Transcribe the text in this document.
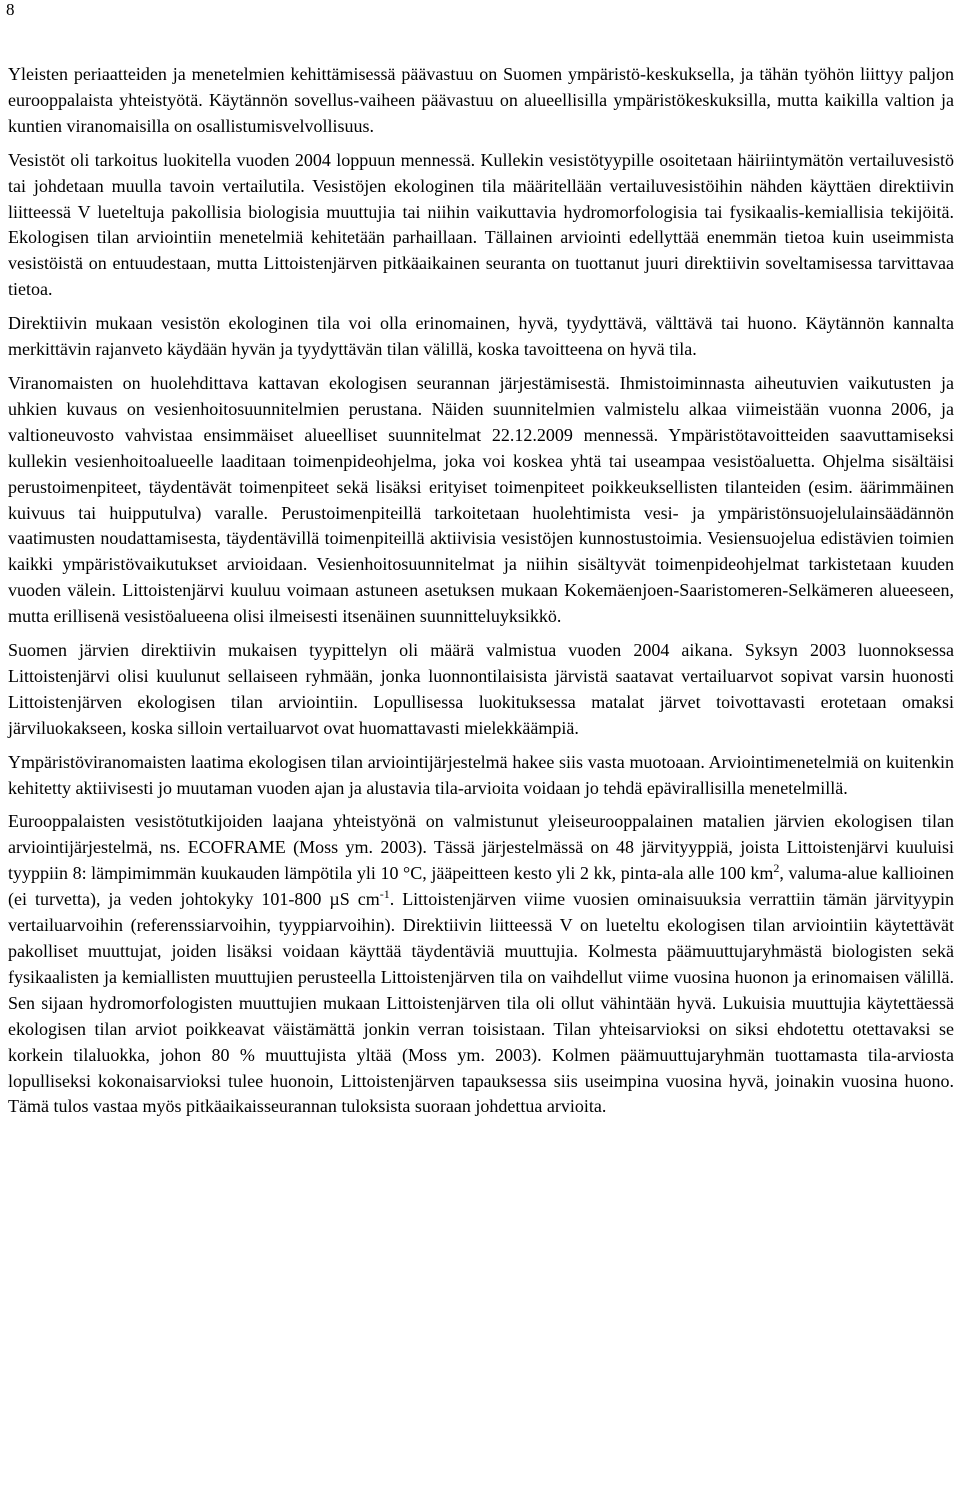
8

Yleisten periaatteiden ja menetelmien kehittämisessä päävastuu on Suomen ympäristö-keskuksella, ja tähän työhön liittyy paljon eurooppalaista yhteistyötä. Käytännön sovellus-vaiheen päävastuu on alueellisilla ympäristökeskuksilla, mutta kaikilla valtion ja kuntien viranomaisilla on osallistumisvelvollisuus.

Vesistöt oli tarkoitus luokitella vuoden 2004 loppuun mennessä. Kullekin vesistötyypille osoitetaan häiriintymätön vertailuvesistö tai johdetaan muulla tavoin vertailutila. Vesistöjen ekologinen tila määritellään vertailuvesistöihin nähden käyttäen direktiivin liitteessä V lueteltuja pakollisia biologisia muuttujia tai niihin vaikuttavia hydromorfologisia tai fysikaalis-kemiallisia tekijöitä. Ekologisen tilan arviointiin menetelmiä kehitetään parhaillaan. Tällainen arviointi edellyttää enemmän tietoa kuin useimmista vesistöistä on entuudestaan, mutta Littoistenjärven pitkäaikainen seuranta on tuottanut juuri direktiivin soveltamisessa tarvittavaa tietoa.

Direktiivin mukaan vesistön ekologinen tila voi olla erinomainen, hyvä, tyydyttävä, välttävä tai huono. Käytännön kannalta merkittävin rajanveto käydään hyvän ja tyydyttävän tilan välillä, koska tavoitteena on hyvä tila.

Viranomaisten on huolehdittava kattavan ekologisen seurannan järjestämisestä. Ihmistoiminnasta aiheutuvien vaikutusten ja uhkien kuvaus on vesienhoitosuunnitelmien perustana. Näiden suunnitelmien valmistelu alkaa viimeistään vuonna 2006, ja valtioneuvosto vahvistaa ensimmäiset alueelliset suunnitelmat 22.12.2009 mennessä. Ympäristötavoitteiden saavuttamiseksi kullekin vesienhoitoalueelle laaditaan toimenpideohjelma, joka voi koskea yhtä tai useampaa vesistöaluetta. Ohjelma sisältäisi perustoimenpiteet, täydentävät toimenpiteet sekä lisäksi erityiset toimenpiteet poikkeuksellisten tilanteiden (esim. äärimmäinen kuivuus tai huipputulva) varalle. Perustoimenpiteillä tarkoitetaan huolehtimista vesi- ja ympäristönsuojelulainsäädännön vaatimusten noudattamisesta, täydentävillä toimenpiteillä aktiivisia vesistöjen kunnostustoimia. Vesiensuojelua edistävien toimien kaikki ympäristövaikutukset arvioidaan. Vesienhoitosuunnitelmat ja niihin sisältyvät toimenpideohjelmat tarkistetaan kuuden vuoden välein. Littoistenjärvi kuuluu voimaan astuneen asetuksen mukaan Kokemäenjoen-Saaristomeren-Selkämeren alueeseen, mutta erillisenä vesistöalueena olisi ilmeisesti itsenäinen suunnitteluyksikkö.

Suomen järvien direktiivin mukaisen tyypittelyn oli määrä valmistua vuoden 2004 aikana. Syksyn 2003 luonnoksessa Littoistenjärvi olisi kuulunut sellaiseen ryhmään, jonka luonnontilaisista järvistä saatavat vertailuarvot sopivat varsin huonosti Littoistenjärven ekologisen tilan arviointiin. Lopullisessa luokituksessa matalat järvet toivottavasti erotetaan omaksi järviluokakseen, koska silloin vertailuarvot ovat huomattavasti mielekkäämpiä.

Ympäristöviranomaisten laatima ekologisen tilan arviointijärjestelmä hakee siis vasta muotoaan. Arviointimenetelmiä on kuitenkin kehitetty aktiivisesti jo muutaman vuoden ajan ja alustavia tila-arvioita voidaan jo tehdä epävirallisilla menetelmillä.

Eurooppalaisten vesistötutkijoiden laajana yhteistyönä on valmistunut yleiseurooppalainen matalien järvien ekologisen tilan arviointijärjestelmä, ns. ECOFRAME (Moss ym. 2003). Tässä järjestelmässä on 48 järvityyppiä, joista Littoistenjärvi kuuluisi tyyppiin 8: lämpimimmän kuukauden lämpötila yli 10 °C, jääpeitteen kesto yli 2 kk, pinta-ala alle 100 $km^2$, valuma-alue kallioinen (ei turvetta), ja veden johtokyky 101-800 µS $cm^{-1}$. Littoistenjärven viime vuosien ominaisuuksia verrattiin tämän järvityypin vertailuarvoihin (referenssiarvoihin, tyyppiarvoihin). Direktiivin liitteessä V on lueteltu ekologisen tilan arviointiin käytettävät pakolliset muuttujat, joiden lisäksi voidaan käyttää täydentäviä muuttujia. Kolmesta päämuuttujaryhmästä biologisten sekä fysikaalisten ja kemiallisten muuttujien perusteella Littoistenjärven tila on vaihdellut viime vuosina huonon ja erinomaisen välillä. Sen sijaan hydromorfologisten muuttujien mukaan Littoistenjärven tila oli ollut vähintään hyvä. Lukuisia muuttujia käytettäessä ekologisen tilan arviot poikkeavat väistämättä jonkin verran toisistaan. Tilan yhteisarvioksi on siksi ehdotettu otettavaksi se korkein tilaluokka, johon 80 % muuttujista yltää (Moss ym. 2003). Kolmen päämuuttujaryhmän tuottamasta tila-arviosta lopulliseksi kokonaisarvioksi tulee huonoin, Littoistenjärven tapauksessa siis useimpina vuosina hyvä, joinakin vuosina huono. Tämä tulos vastaa myös pitkäaikaisseurannan tuloksista suoraan johdettua arvioita.
